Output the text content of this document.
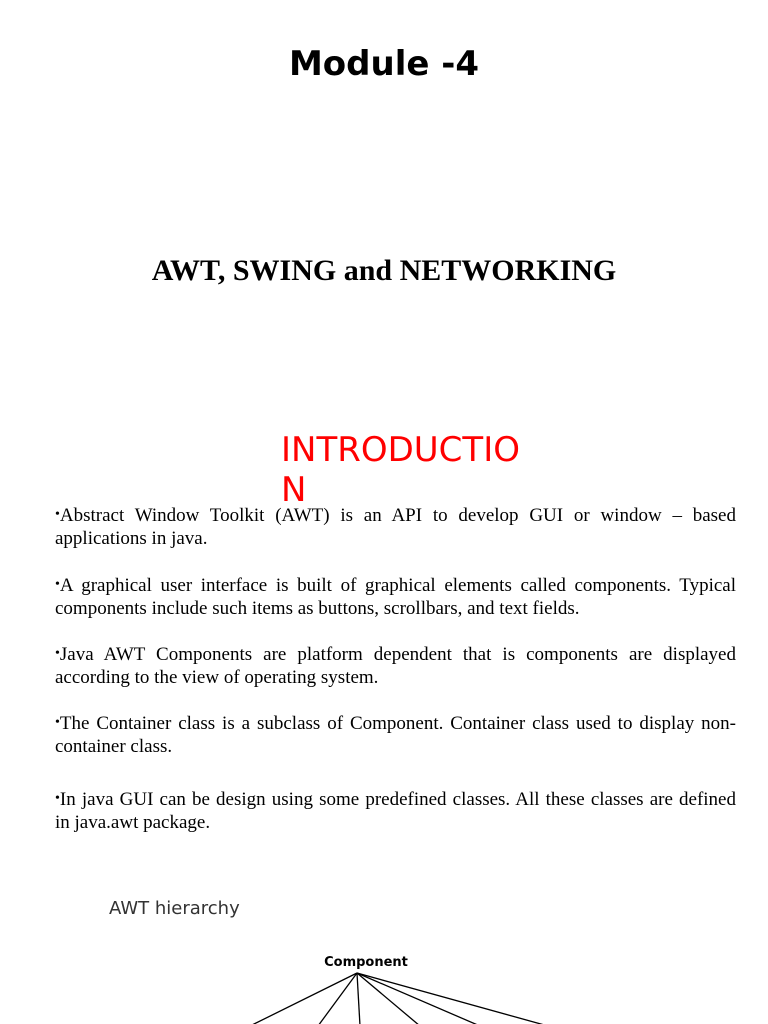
Module -4
AWT, SWING and NETWORKING
INTRODUCTION
•Abstract Window Toolkit (AWT) is an API to develop GUI or window – based applications in java.
•A graphical user interface is built of graphical elements called components. Typical components include such items as buttons, scrollbars, and text fields.
•Java AWT Components are platform dependent that is components are displayed according to the view of operating system.
•The Container class is a subclass of Component. Container class used to display non-container class.
•In java GUI can be design using some predefined classes. All these classes are defined in java.awt package.
AWT hierarchy
Component
